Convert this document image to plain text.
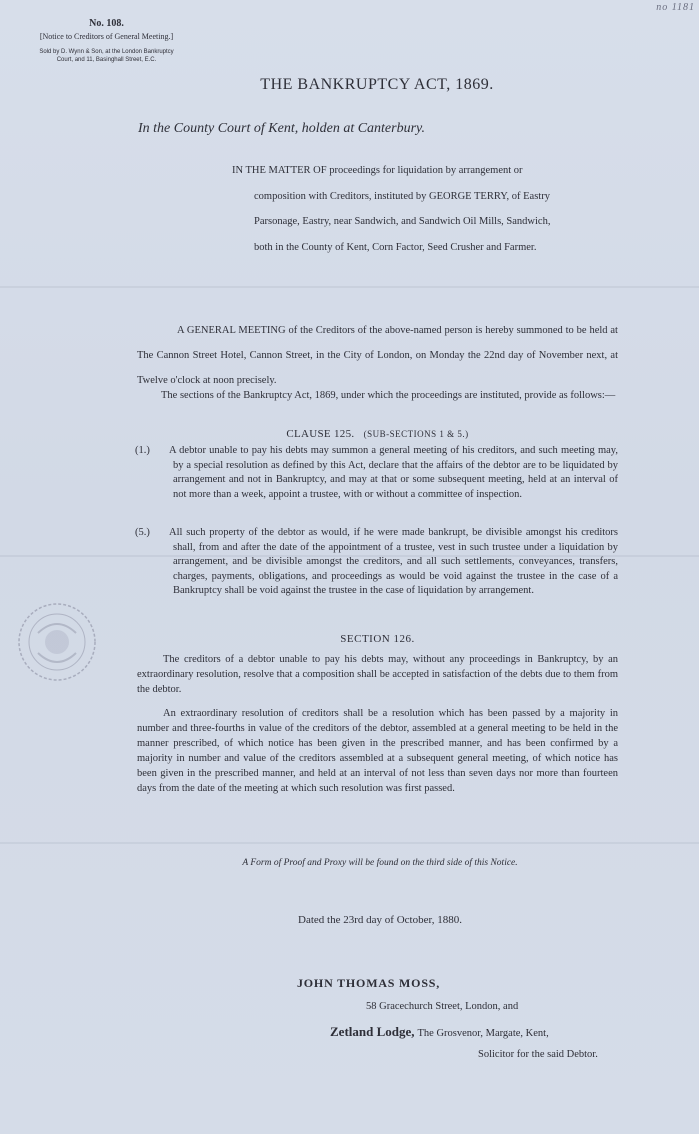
no 1181
No. 108.
[Notice to Creditors of General Meeting.]
Sold by D. Wynn & Son, at the London Bankruptcy
Court, and 11, Basinghall Street, E.C.
THE BANKRUPTCY ACT, 1869.
In the County Court of Kent, holden at Canterbury.
IN THE MATTER OF proceedings for liquidation by arrangement or
composition with Creditors, instituted by GEORGE TERRY, of Eastry
Parsonage, Eastry, near Sandwich, and Sandwich Oil Mills, Sandwich,
both in the County of Kent, Corn Factor, Seed Crusher and Farmer.
A GENERAL MEETING of the Creditors of the above-named person is hereby summoned to be held at The Cannon Street Hotel, Cannon Street, in the City of London, on Monday the 22nd day of November next, at Twelve o'clock at noon precisely.
The sections of the Bankruptcy Act, 1869, under which the proceedings are instituted, provide as follows:—
CLAUSE 125. (SUB-SECTIONS 1 & 5.)
(1.) A debtor unable to pay his debts may summon a general meeting of his creditors, and such meeting may, by a special resolution as defined by this Act, declare that the affairs of the debtor are to be liquidated by arrangement and not in Bankruptcy, and may at that or some subsequent meeting, held at an interval of not more than a week, appoint a trustee, with or without a committee of inspection.
(5.) All such property of the debtor as would, if he were made bankrupt, be divisible amongst his creditors shall, from and after the date of the appointment of a trustee, vest in such trustee under a liquidation by arrangement, and be divisible amongst the creditors, and all such settlements, conveyances, transfers, charges, payments, obligations, and proceedings as would be void against the trustee in the case of a Bankruptcy shall be void against the trustee in the case of liquidation by arrangement.
SECTION 126.
The creditors of a debtor unable to pay his debts may, without any proceedings in Bankruptcy, by an extraordinary resolution, resolve that a composition shall be accepted in satisfaction of the debts due to them from the debtor.
An extraordinary resolution of creditors shall be a resolution which has been passed by a majority in number and three-fourths in value of the creditors of the debtor, assembled at a general meeting to be held in the manner prescribed, of which notice has been given in the prescribed manner, and has been confirmed by a majority in number and value of the creditors assembled at a subsequent general meeting, of which notice has been given in the prescribed manner, and held at an interval of not less than seven days nor more than fourteen days from the date of the meeting at which such resolution was first passed.
A Form of Proof and Proxy will be found on the third side of this Notice.
Dated the 23rd day of October, 1880.
JOHN THOMAS MOSS,
58 Gracechurch Street, London, and
Zetland Lodge, The Grosvenor, Margate, Kent,
Solicitor for the said Debtor.
